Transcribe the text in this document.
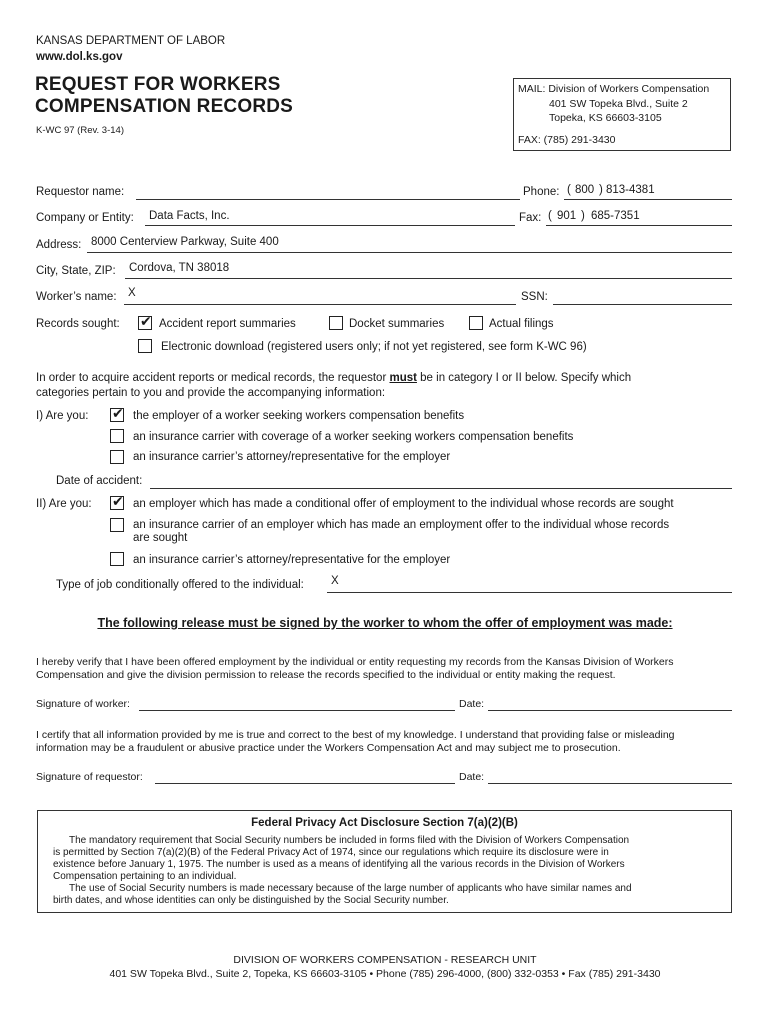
KANSAS DEPARTMENT OF LABOR
www.dol.ks.gov
REQUEST FOR WORKERS
COMPENSATION RECORDS
K-WC 97 (Rev. 3-14)
MAIL: Division of Workers Compensation
401 SW Topeka Blvd., Suite 2
Topeka, KS 66603-3105
FAX: (785) 291-3430
Requestor name:	Phone: ( 800 ) 813-4381
Company or Entity: Data Facts, Inc.	Fax: ( 901 ) 685-7351
Address: 8000 Centerview Parkway, Suite 400
City, State, ZIP: Cordova, TN 38018
Worker’s name: X	SSN:
Records sought: ✔ Accident report summaries	Docket summaries	Actual filings
Electronic download (registered users only; if not yet registered, see form K-WC 96)
In order to acquire accident reports or medical records, the requestor must be in category I or II below. Specify which
categories pertain to you and provide the accompanying information:
I) Are you: ✔ the employer of a worker seeking workers compensation benefits
an insurance carrier with coverage of a worker seeking workers compensation benefits
an insurance carrier’s attorney/representative for the employer
Date of accident:
II) Are you: ✔ an employer which has made a conditional offer of employment to the individual whose records are sought
an insurance carrier of an employer which has made an employment offer to the individual whose records
are sought
an insurance carrier’s attorney/representative for the employer
Type of job conditionally offered to the individual: X
The following release must be signed by the worker to whom the offer of employment was made:
I hereby verify that I have been offered employment by the individual or entity requesting my records from the Kansas Division of Workers
Compensation and give the division permission to release the records specified to the individual or entity making the request.
Signature of worker:	Date:
I certify that all information provided by me is true and correct to the best of my knowledge. I understand that providing false or misleading
information may be a fraudulent or abusive practice under the Workers Compensation Act and may subject me to prosecution.
Signature of requestor:	Date:
Federal Privacy Act Disclosure Section 7(a)(2)(B)
The mandatory requirement that Social Security numbers be included in forms filed with the Division of Workers Compensation
is permitted by Section 7(a)(2)(B) of the Federal Privacy Act of 1974, since our regulations which require its disclosure were in
existence before January 1, 1975. The number is used as a means of identifying all the various records in the Division of Workers
Compensation pertaining to an individual.
The use of Social Security numbers is made necessary because of the large number of applicants who have similar names and
birth dates, and whose identities can only be distinguished by the Social Security number.
DIVISION OF WORKERS COMPENSATION - RESEARCH UNIT
401 SW Topeka Blvd., Suite 2, Topeka, KS 66603-3105 • Phone (785) 296-4000, (800) 332-0353 • Fax (785) 291-3430
